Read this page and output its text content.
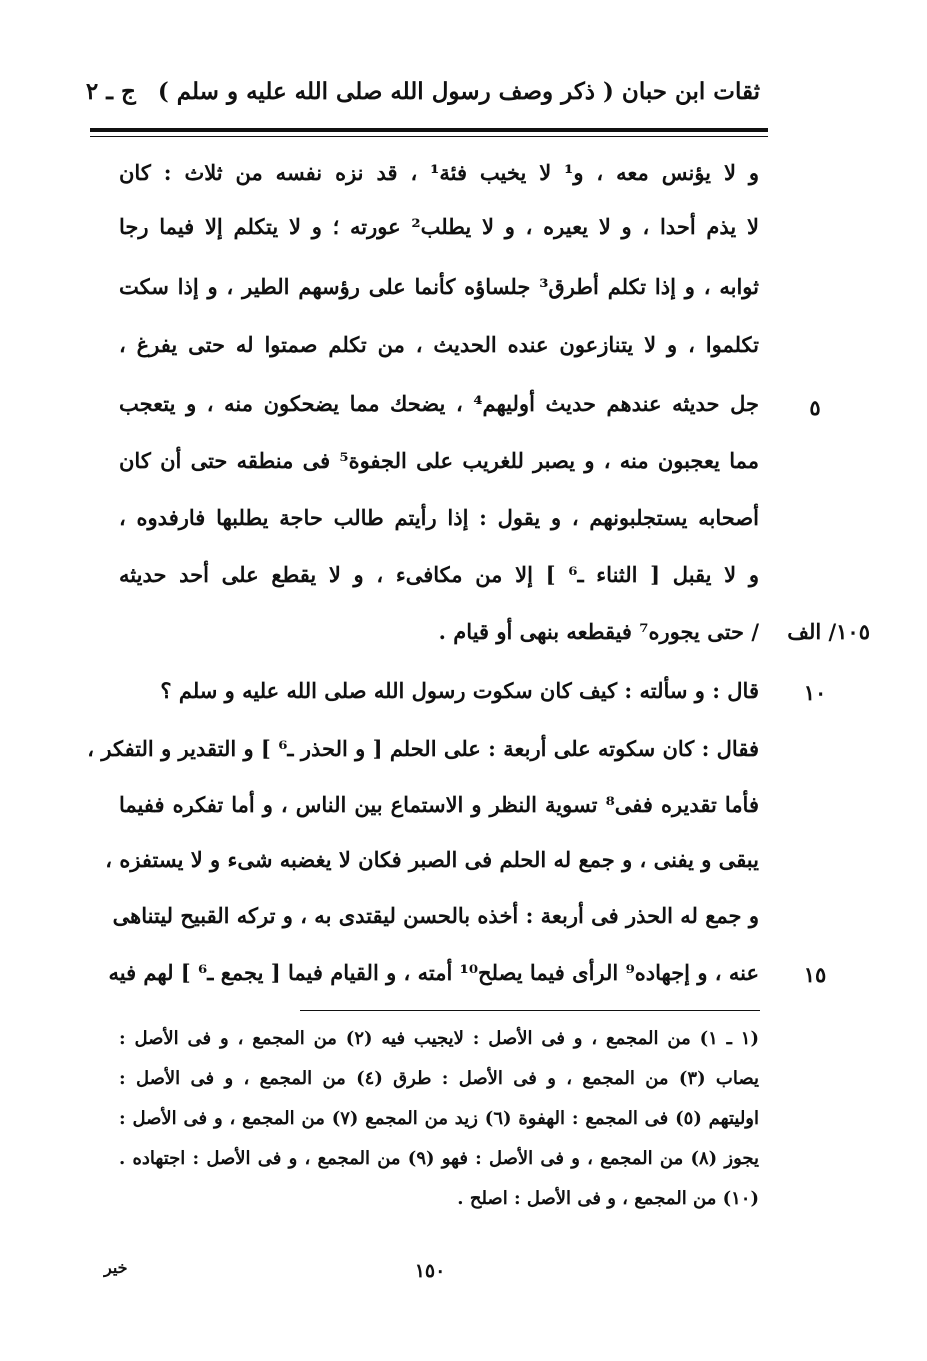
ثقات ابن حبان ( ذكر وصف رسول الله صلى الله عليه و سلم ) ج ـ ٢
و لا يؤنس معه ، و¹ لا يخيب فئة¹ ، قد نزه نفسه من ثلاث : كان
لا يذم أحدا ، و لا يعيره ، و لا يطلب² عورته ؛ و لا يتكلم إلا فيما رجا
ثوابه ، و إذا تكلم أطرق³ جلساؤه كأنما على رؤسهم الطير ، و إذا سكت
تكلموا ، و لا يتنازعون عنده الحديث ، من تكلم صمتوا له حتى يفرغ ،
جل حديثه عندهم حديث أوليهم⁴ ، يضحك مما يضحكون منه ، و يتعجب
مما يعجبون منه ، و يصبر للغريب على الجفوة⁵ فى منطقه حتى أن كان
أصحابه يستجلبونهم ، و يقول : إذا رأيتم طالب حاجة يطلبها فارفدوه ،
و لا يقبل [ الثناء ـ⁶ ] إلا من مكافىء ، و لا يقطع على أحد حديثه
/ حتى يجوره⁷ فيقطعه بنهى أو قيام .
قال : و سألته : كيف كان سكوت رسول الله صلى الله عليه و سلم ؟
فقال : كان سكوته على أربعة : على الحلم [ و الحذر ـ⁶ ] و التقدير و التفكر ،
فأما تقديره ففى⁸ تسوية النظر و الاستماع بين الناس ، و أما تفكره ففيما
يبقى و يفنى ، و جمع له الحلم فى الصبر فكان لا يغضبه شىء و لا يستفزه ،
و جمع له الحذر فى أربعة : أخذه بالحسن ليقتدى به ، و تركه القبيح ليتناهى
عنه ، و إجهاده⁹ الرأى فيما يصلح¹⁰ أمته ، و القيام فيما [ يجمع ـ⁶ ] لهم فيه
٥
١٠
١٥
١٠٥/ الف
(١ ـ ١) من المجمع ، و فى الأصل : لايجيب فيه (٢) من المجمع ، و فى الأصل :
يصاب (٣) من المجمع ، و فى الأصل : طرق (٤) من المجمع ، و فى الأصل :
اوليتهم (٥) فى المجمع : الهفوة (٦) زيد من المجمع (٧) من المجمع ، و فى الأصل :
يجوز (٨) من المجمع ، و فى الأصل : فهو (٩) من المجمع ، و فى الأصل : اجتهاده .
(١٠) من المجمع ، و فى الأصل : اصلح .
١٥٠
خير
